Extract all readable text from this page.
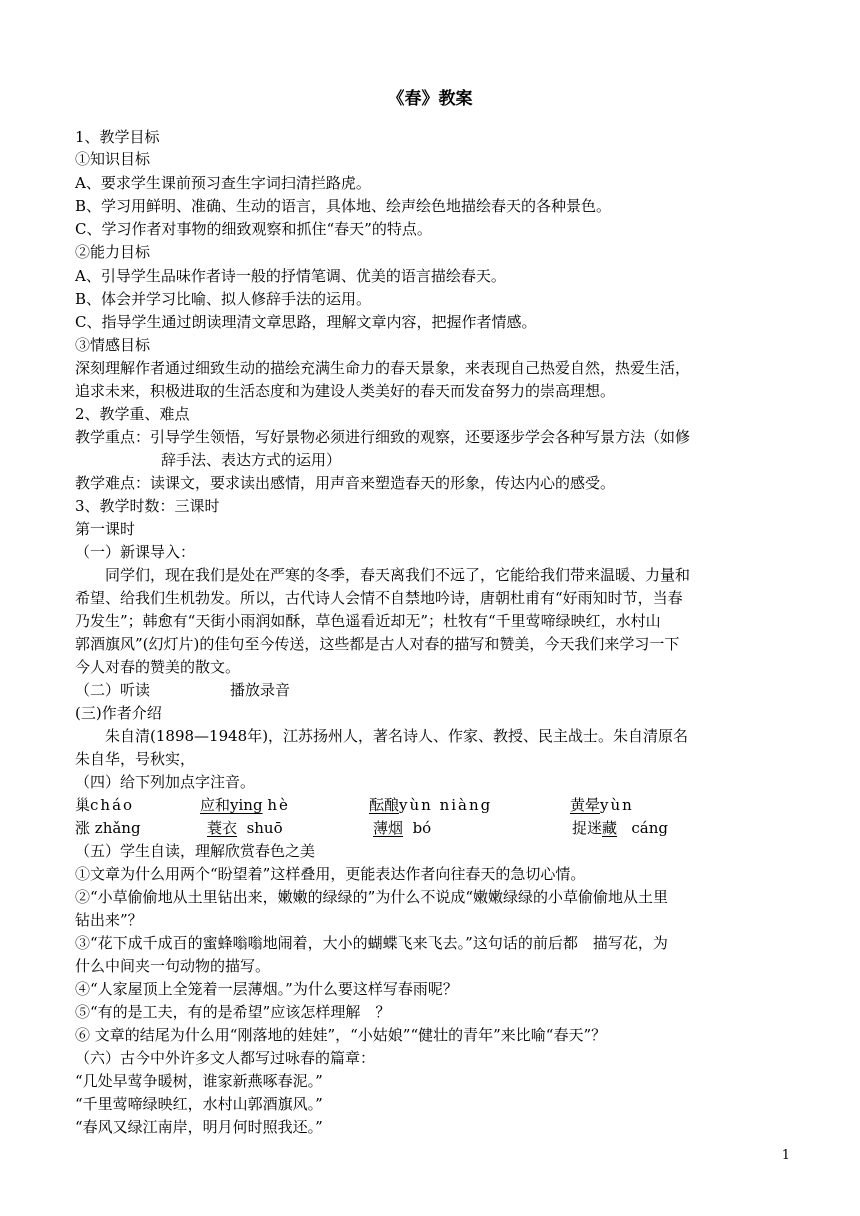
《春》教案
1、教学目标
①知识目标
A、要求学生课前预习查生字词扫清拦路虎。
B、学习用鲜明、准确、生动的语言，具体地、绘声绘色地描绘春天的各种景色。
C、学习作者对事物的细致观察和抓住“春天”的特点。
②能力目标
A、引导学生品味作者诗一般的抒情笔调、优美的语言描绘春天。
B、体会并学习比喻、拟人修辞手法的运用。
C、指导学生通过朗读理清文章思路，理解文章内容，把握作者情感。
③情感目标
深刻理解作者通过细致生动的描绘充满生命力的春天景象，来表现自己热爱自然，热爱生活，
追求未来，积极进取的生活态度和为建设人类美好的春天而发奋努力的崇高理想。
2、教学重、难点
教学重点：引导学生领悟，写好景物必须进行细致的观察，还要逐步学会各种写景方法（如修
辞手法、表达方式的运用）
教学难点：读课文，要求读出感情，用声音来塑造春天的形象，传达内心的感受。
3、教学时数：三课时
第一课时
（一）新课导入：
同学们，现在我们是处在严寒的冬季，春天离我们不远了，它能给我们带来温暖、力量和
希望、给我们生机勃发。所以，古代诗人会情不自禁地吟诗，唐朝杜甫有“好雨知时节，当春
乃发生”；韩愈有“天街小雨润如酥，草色遥看近却无”；杜牧有“千里莺啼绿映红，水村山
郭酒旗风”(幻灯片)的佳句至今传送，这些都是古人对春的描写和赞美，今天我们来学习一下
今人对春的赞美的散文。
（二）听读	播放录音
(三)作者介绍
朱自清(1898—1948年)，江苏扬州人，著名诗人、作家、教授、民主战士。朱自清原名
朱自华，号秋实，
（四）给下列加点字注音。
巢cháo	应和ying hè	酝酿yùn niàng	黄晕yùn
涨 zhǎng	蓑衣 shuō	薄烟 bó	捉迷藏 cáng
（五）学生自读，理解欣赏春色之美
①文章为什么用两个“盼望着”这样叠用，更能表达作者向往春天的急切心情。
②“小草偷偷地从土里钻出来，嫩嫩的绿绿的”为什么不说成“嫩嫩绿绿的小草偷偷地从土里
钻出来”？
③“花下成千成百的蜜蜂嗡嗡地闹着，大小的蝴蝶飞来飞去。”这句话的前后都　描写花，为
什么中间夹一句动物的描写。
④“人家屋顶上全笼着一层薄烟。”为什么要这样写春雨呢？
⑤“有的是工夫，有的是希望”应该怎样理解　？
⑥ 文章的结尾为什么用“刚落地的娃娃”，“小姑娘”“健壮的青年”来比喻“春天”？
（六）古今中外许多文人都写过咏春的篇章：
“几处早莺争暖树，谁家新燕啄春泥。”
“千里莺啼绿映红，水村山郭酒旗风。”
“春风又绿江南岸，明月何时照我还。”
1
